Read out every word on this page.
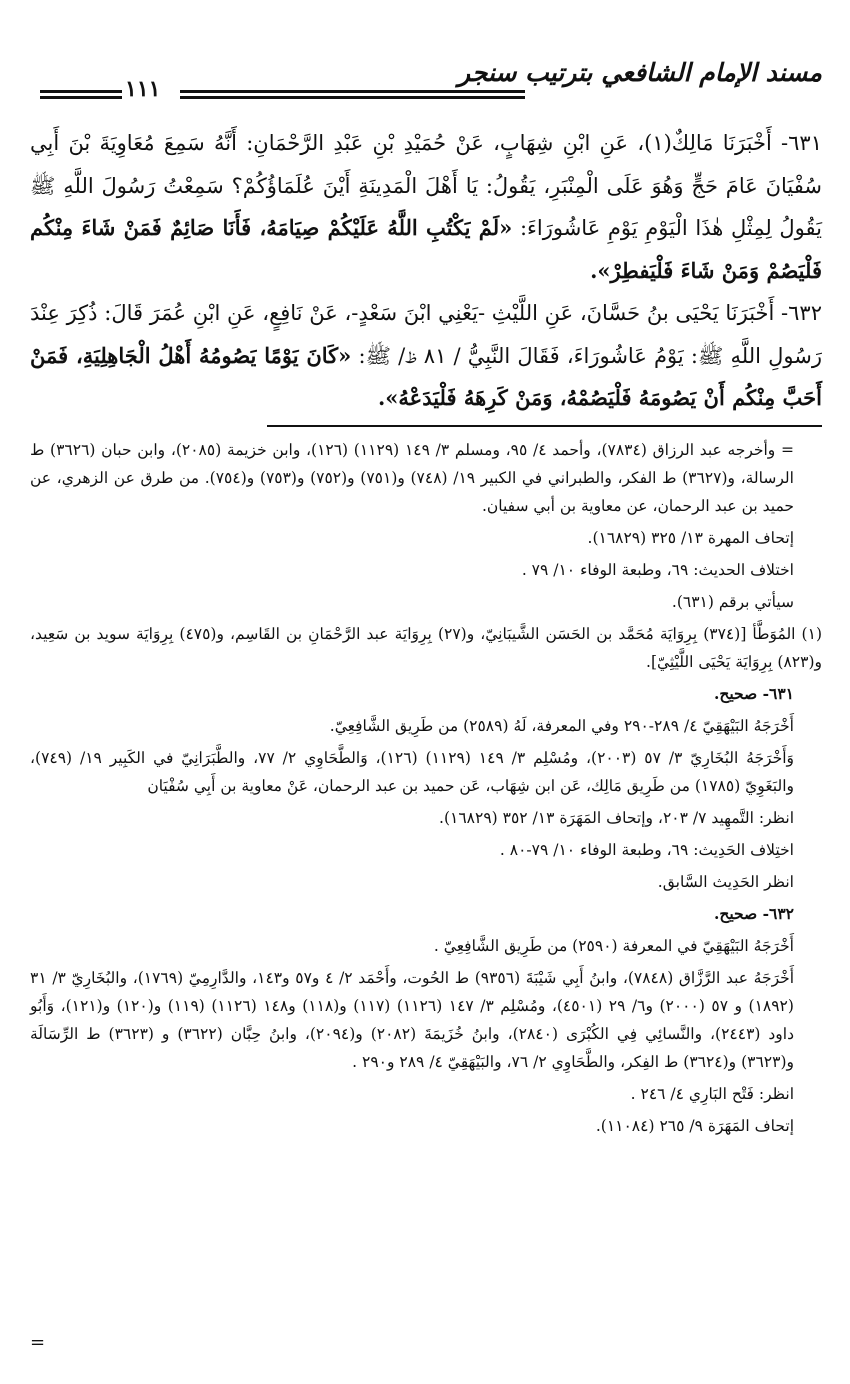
مسند الإمام الشافعي بترتيب سنجر
١١١

٦٣١- أَخْبَرَنَا مَالِكٌ(١)، عَنِ ابْنِ شِهَابٍ، عَنْ حُمَيْدِ بْنِ عَبْدِ الرَّحْمَانِ: أَنَّهُ سَمِعَ مُعَاوِيَةَ بْنَ أَبِي سُفْيَانَ عَامَ حَجٍّ وَهُوَ عَلَى الْمِنْبَرِ، يَقُولُ: يَا أَهْلَ الْمَدِينَةِ أَيْنَ عُلَمَاؤُكُمْ؟ سَمِعْتُ رَسُولَ اللَّهِ ﷺ يَقُولُ لِمِثْلِ هٰذَا الْيَوْمِ يَوْمِ عَاشُورَاءَ: «لَمْ يَكْتُبِ اللَّهُ عَلَيْكُمْ صِيَامَهُ، فَأَنَا صَائِمٌ فَمَنْ شَاءَ مِنْكُم فَلْيَصُمْ وَمَنْ شَاءَ فَلْيَفطِرْ».

٦٣٢- أَخْبَرَنَا يَحْيَى بنُ حَسَّانَ، عَنِ اللَّيْثِ -يَعْنِي ابْنَ سَعْدٍ-، عَنْ نَافِعٍ، عَنِ ابْنِ عُمَرَ قَالَ: ذُكِرَ عِنْدَ رَسُولِ اللَّهِ ﷺ: يَوْمُ عَاشُورَاءَ، فَقَالَ النَّبِيُّ / ٨١ ظ/ ﷺ: «كَانَ يَوْمًا يَصُومُهُ أَهْلُ الْجَاهِلِيَةِ، فَمَنْ أَحَبَّ مِنْكُم أَنْ يَصُومَهُ فَلْيَصُمْهُ، وَمَنْ كَرِهَهُ فَلْيَدَعْهُ».

= وأخرجه عبد الرزاق (٧٨٣٤)، وأحمد ٤/ ٩٥، ومسلم ٣/ ١٤٩ (١١٢٩) (١٢٦)، وابن خزيمة (٢٠٨٥)، وابن حبان (٣٦٢٦) ط الرسالة، و(٣٦٢٧) ط الفكر، والطبراني في الكبير ١٩/ (٧٤٨) و(٧٥١) و(٧٥٢) و(٧٥٣) و(٧٥٤). من طرق عن الزهري، عن حميد بن عبد الرحمان، عن معاوية بن أبي سفيان.

إتحاف المهرة ١٣/ ٣٢٥ (١٦٨٢٩).

اختلاف الحديث: ٦٩، وطبعة الوفاء ١٠/ ٧٩ .

سيأتي برقم (٦٣١).

(١) المُوَطَّأ [(٣٧٤) بِرِوَايَة مُحَمَّد بن الحَسَن الشَّيبَانِيّ، و(٢٧) بِرِوَايَة عبد الرَّحْمَانِ بن القَاسِم، و(٤٧٥) بِرِوَايَة سويد بن سَعِيد، و(٨٢٣) بِرِوَايَة يَحْيَى اللَّيْثِيّ].

٦٣١- صحيح.

أَخْرَجَهُ البَيْهَقِيّ ٤/ ٢٨٩-٢٩٠ وفي المعرفة، لَهُ (٢٥٨٩) من طَرِيق الشَّافِعِيّ.

وَأَخْرَجَهُ البُخَارِيّ ٣/ ٥٧ (٢٠٠٣)، ومُسْلِم ٣/ ١٤٩ (١١٢٩) (١٢٦)، وَالطَّحَاوِي ٢/ ٧٧، والطَّبَرَانِيّ في الكَبِير ١٩/ (٧٤٩)، والبَغَوِيّ (١٧٨٥) من طَرِيق مَالِك، عَن ابن شِهَاب، عَن حميد بن عبد الرحمان، عَنْ معاوية بن أَبِي سُفْيَان

انظر: التَّمهِيد ٧/ ٢٠٣، وإتحاف المَهَرَة ١٣/ ٣٥٢ (١٦٨٢٩).

اختِلاف الحَدِيث: ٦٩، وطبعة الوفاء ١٠/ ٧٩-٨٠ .

انظر الحَدِيث السَّابق.

٦٣٢- صحيح.

أَخْرَجَهُ البَيْهَقِيّ في المعرفة (٢٥٩٠) من طَرِيق الشَّافِعِيّ .

أَخْرَجَهُ عبد الرَّزَّاق (٧٨٤٨)، وابنُ أَبِي شَيْبَةَ (٩٣٥٦) ط الحُوت، وأَحْمَد ٢/ ٤ و٥٧ و١٤٣، والدَّارِمِيّ (١٧٦٩)، والبُخَارِيّ ٣/ ٣١ (١٨٩٢) و ٥٧ (٢٠٠٠) و٦/ ٢٩ (٤٥٠١)، ومُسْلِم ٣/ ١٤٧ (١١٢٦) (١١٧) و(١١٨) و١٤٨ (١١٢٦) (١١٩) و(١٢٠) و(١٢١)، وَأَبُو داود (٢٤٤٣)، والنَّسائِي فِي الكُبْرَى (٢٨٤٠)، وابنُ خُزَيمَةَ (٢٠٨٢) و(٢٠٩٤)، وابنُ حِبَّان (٣٦٢٢) و (٣٦٢٣) ط الرِّسَالَة و(٣٦٢٣) و(٣٦٢٤) ط الفِكر، والطَّحَاوِي ٢/ ٧٦، والبَيْهَقِيّ ٤/ ٢٨٩ و٢٩٠ .

انظر: فَتْح البَارِي ٤/ ٢٤٦ .

إتحاف المَهَرَة ٩/ ٢٦٥ (١١٠٨٤).

=
